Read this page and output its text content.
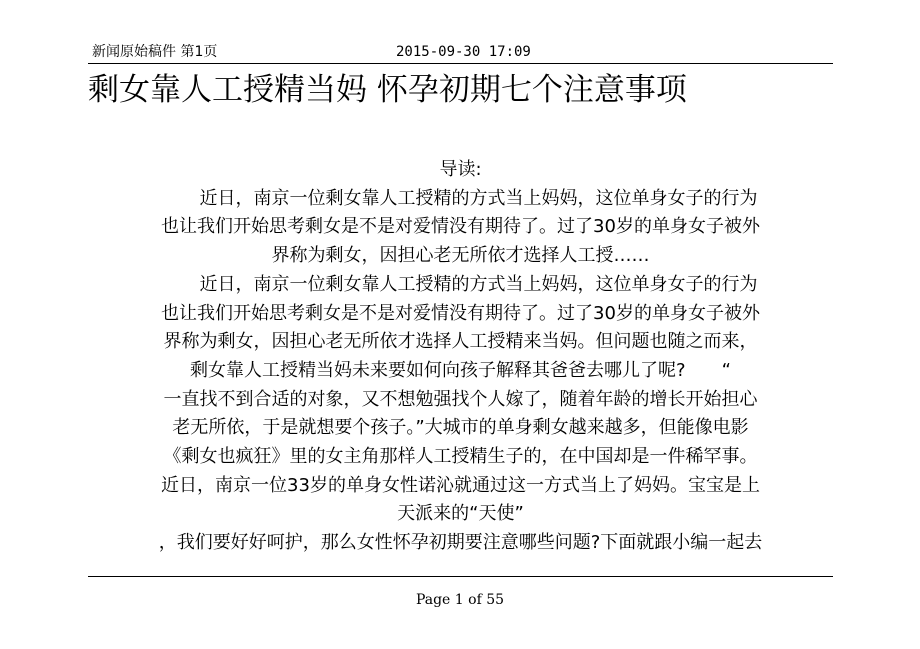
新闻原始稿件 第1页	2015-09-30 17:09
剩女靠人工授精当妈 怀孕初期七个注意事项
导读:
　　近日，南京一位剩女靠人工授精的方式当上妈妈，这位单身女子的行为
也让我们开始思考剩女是不是对爱情没有期待了。过了30岁的单身女子被外
界称为剩女，因担心老无所依才选择人工授……
　　近日，南京一位剩女靠人工授精的方式当上妈妈，这位单身女子的行为
也让我们开始思考剩女是不是对爱情没有期待了。过了30岁的单身女子被外
界称为剩女，因担心老无所依才选择人工授精来当妈。但问题也随之而来，
剩女靠人工授精当妈未来要如何向孩子解释其爸爸去哪儿了呢?　　“
一直找不到合适的对象，又不想勉强找个人嫁了，随着年龄的增长开始担心
老无所依，于是就想要个孩子。”大城市的单身剩女越来越多，但能像电影
《剩女也疯狂》里的女主角那样人工授精生子的，在中国却是一件稀罕事。
近日，南京一位33岁的单身女性诺沁就通过这一方式当上了妈妈。宝宝是上
天派来的“天使”
，我们要好好呵护，那么女性怀孕初期要注意哪些问题?下面就跟小编一起去
Page 1 of 55
